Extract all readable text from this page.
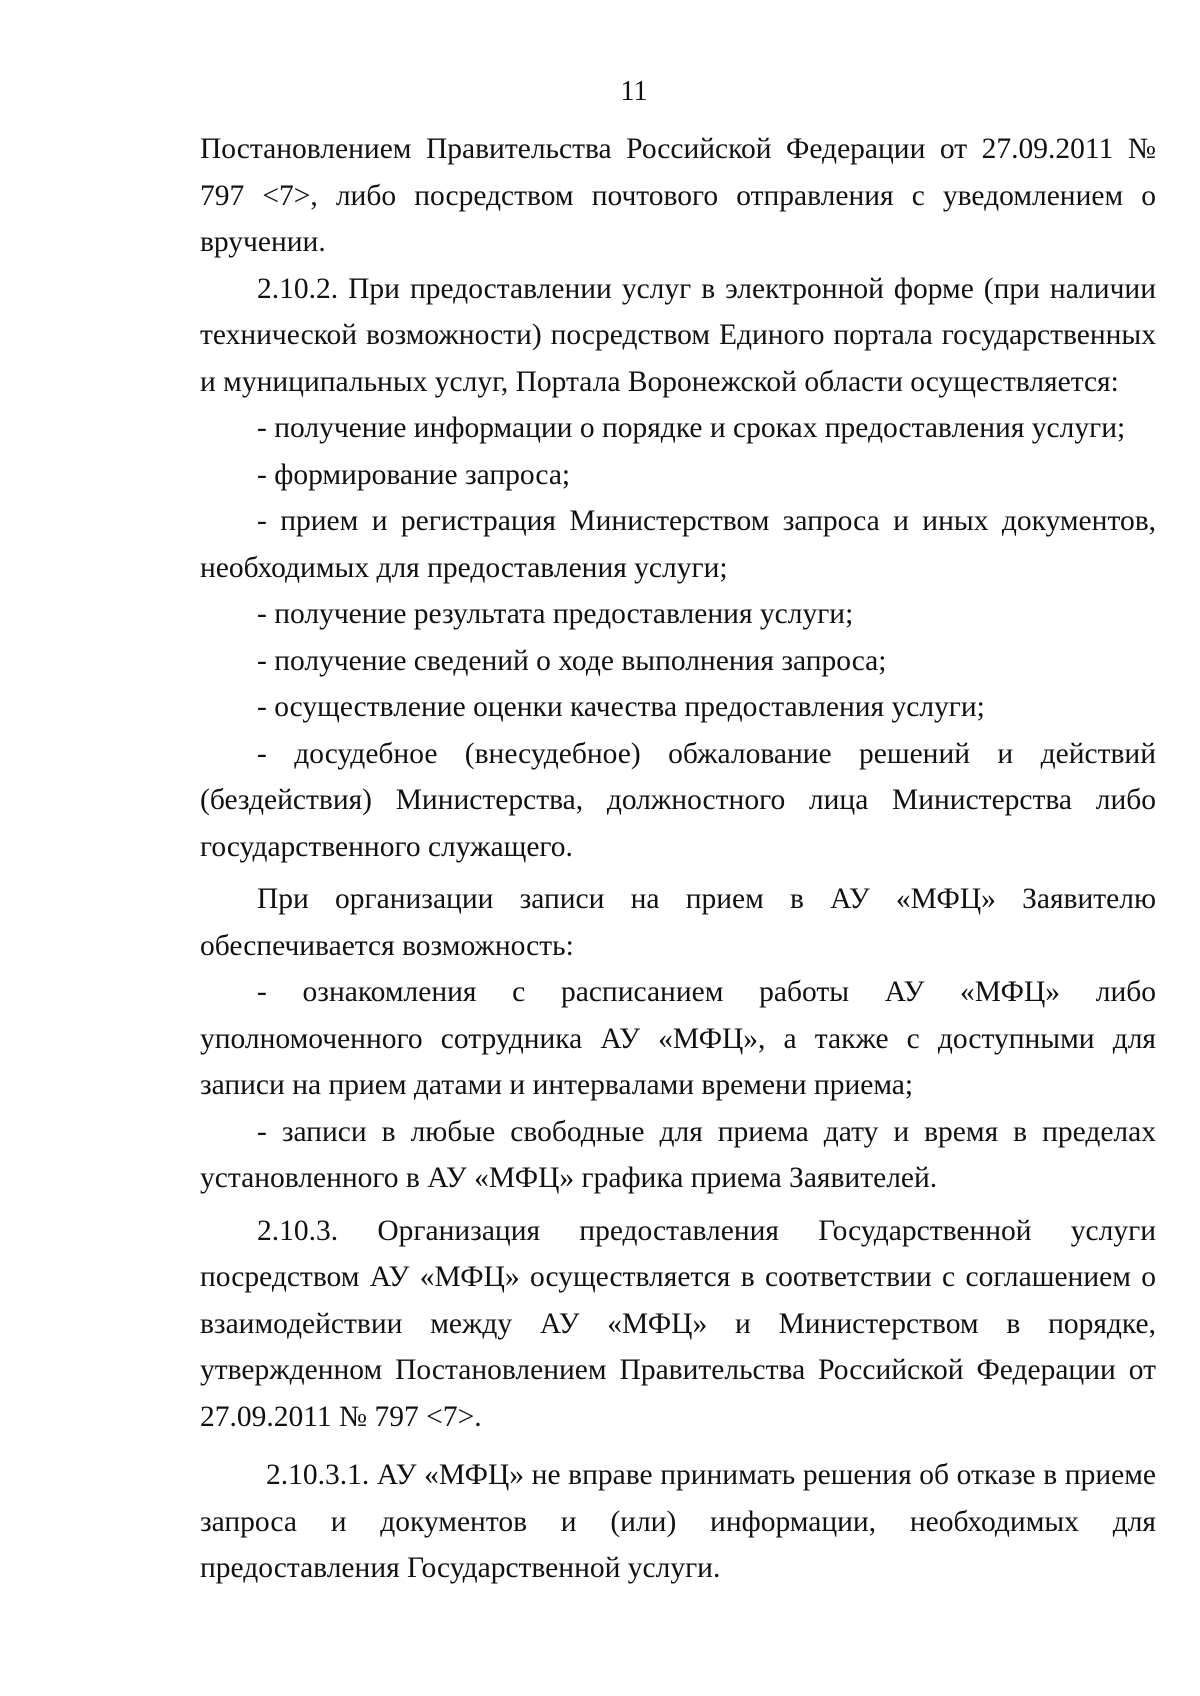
11

Постановлением Правительства Российской Федерации от 27.09.2011 № 797 <7>, либо посредством почтового отправления с уведомлением о вручении.

2.10.2. При предоставлении услуг в электронной форме (при наличии технической возможности) посредством Единого портала государственных и муниципальных услуг, Портала Воронежской области осуществляется:

- получение информации о порядке и сроках предоставления услуги;

- формирование запроса;

- прием и регистрация Министерством запроса и иных документов, необходимых для предоставления услуги;

- получение результата предоставления услуги;

- получение сведений о ходе выполнения запроса;

- осуществление оценки качества предоставления услуги;

- досудебное (внесудебное) обжалование решений и действий (бездействия) Министерства, должностного лица Министерства либо государственного служащего.

При организации записи на прием в АУ «МФЦ» Заявителю обеспечивается возможность:

- ознакомления с расписанием работы АУ «МФЦ» либо уполномоченного сотрудника АУ «МФЦ», а также с доступными для записи на прием датами и интервалами времени приема;

- записи в любые свободные для приема дату и время в пределах установленного в АУ «МФЦ» графика приема Заявителей.

2.10.3. Организация предоставления Государственной услуги посредством АУ «МФЦ» осуществляется в соответствии с соглашением о взаимодействии между АУ «МФЦ» и Министерством в порядке, утвержденном Постановлением Правительства Российской Федерации от 27.09.2011 № 797 <7>.

2.10.3.1. АУ «МФЦ» не вправе принимать решения об отказе в приеме запроса и документов и (или) информации, необходимых для предоставления Государственной услуги.
